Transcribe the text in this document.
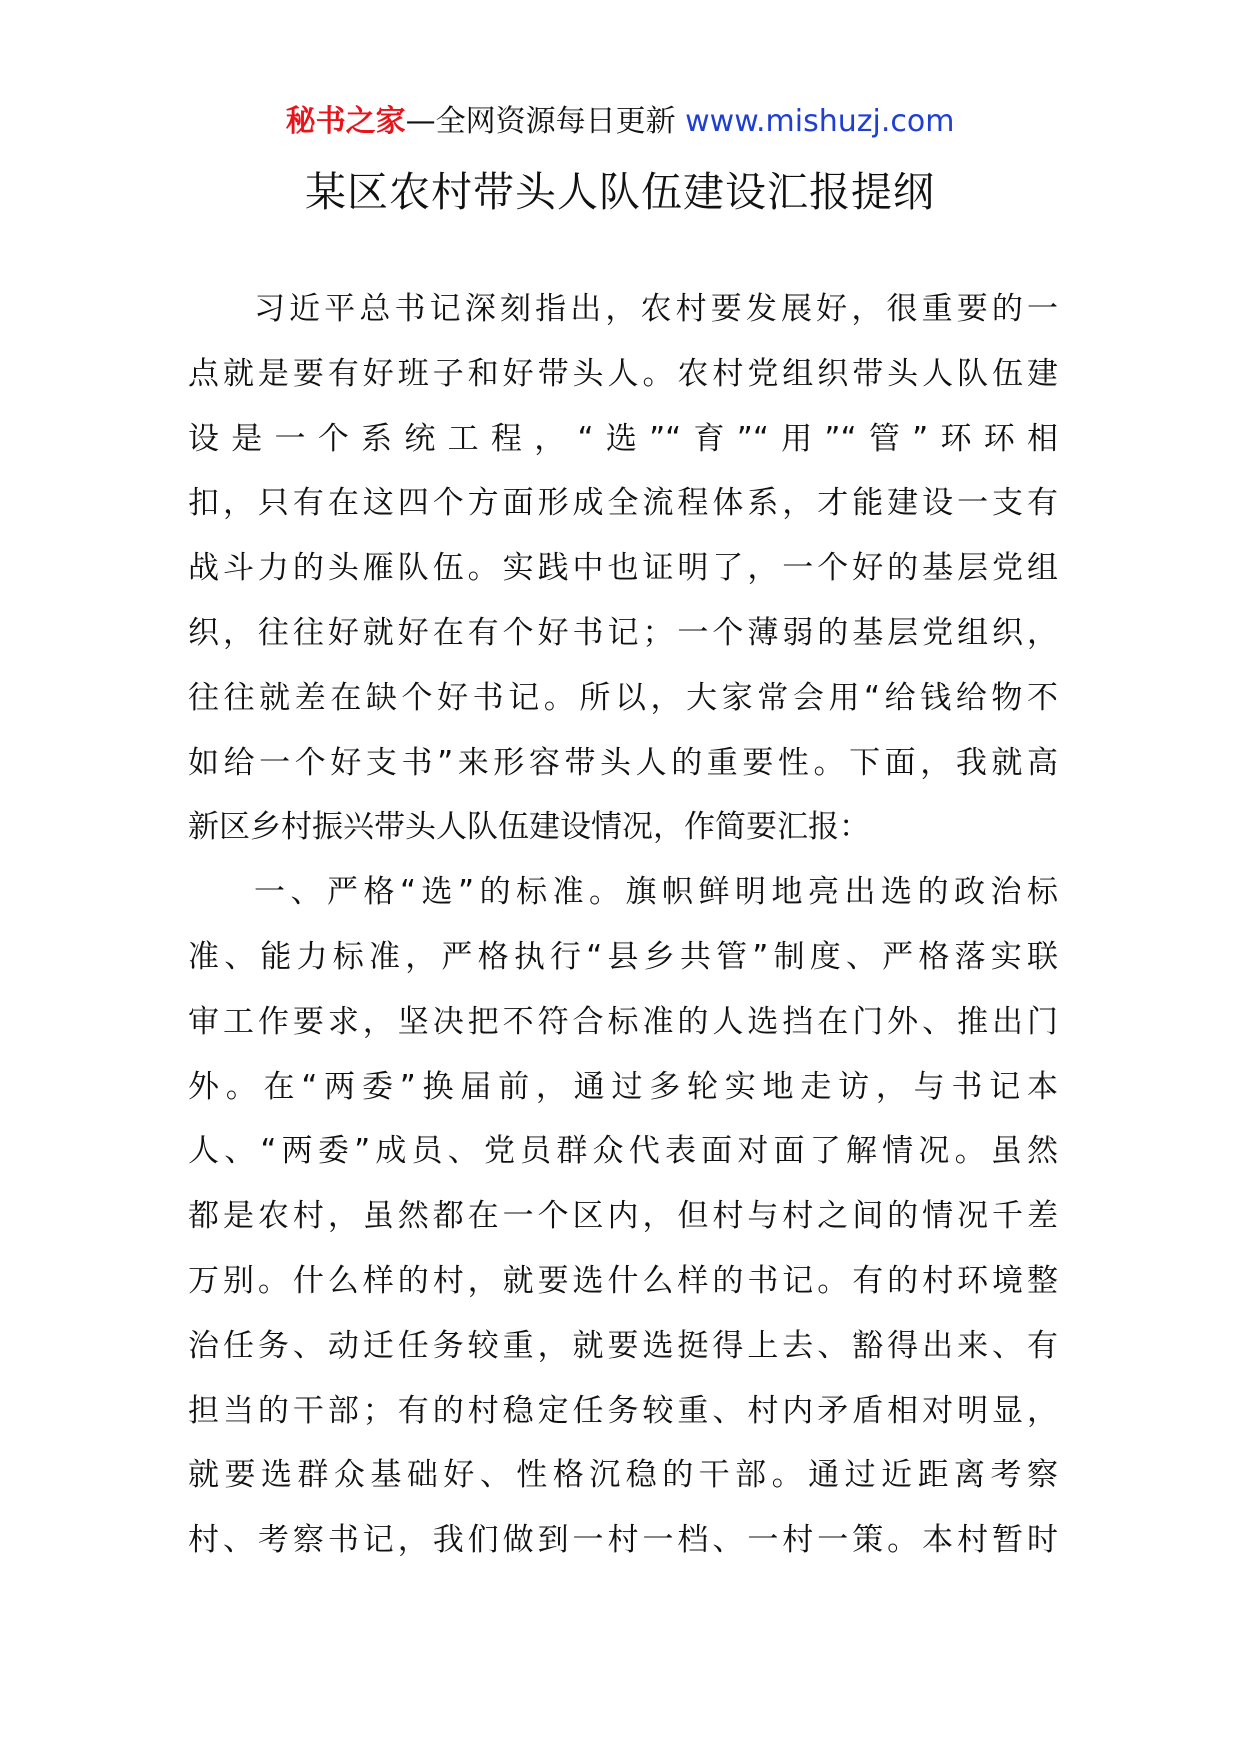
秘书之家—全网资源每日更新 www.mishuzj.com
某区农村带头人队伍建设汇报提纲
习近平总书记深刻指出，农村要发展好，很重要的一
点就是要有好班子和好带头人。农村党组织带头人队伍建
设是一个系统工程，“选”“育”“用”“管”环环相
扣，只有在这四个方面形成全流程体系，才能建设一支有
战斗力的头雁队伍。实践中也证明了，一个好的基层党组
织，往往好就好在有个好书记；一个薄弱的基层党组织，
往往就差在缺个好书记。所以，大家常会用“给钱给物不
如给一个好支书”来形容带头人的重要性。下面，我就高
新区乡村振兴带头人队伍建设情况，作简要汇报：
一、严格“选”的标准。旗帜鲜明地亮出选的政治标
准、能力标准，严格执行“县乡共管”制度、严格落实联
审工作要求，坚决把不符合标准的人选挡在门外、推出门
外。在“两委”换届前，通过多轮实地走访，与书记本
人、“两委”成员、党员群众代表面对面了解情况。虽然
都是农村，虽然都在一个区内，但村与村之间的情况千差
万别。什么样的村，就要选什么样的书记。有的村环境整
治任务、动迁任务较重，就要选挺得上去、豁得出来、有
担当的干部；有的村稳定任务较重、村内矛盾相对明显，
就要选群众基础好、性格沉稳的干部。通过近距离考察
村、考察书记，我们做到一村一档、一村一策。本村暂时
